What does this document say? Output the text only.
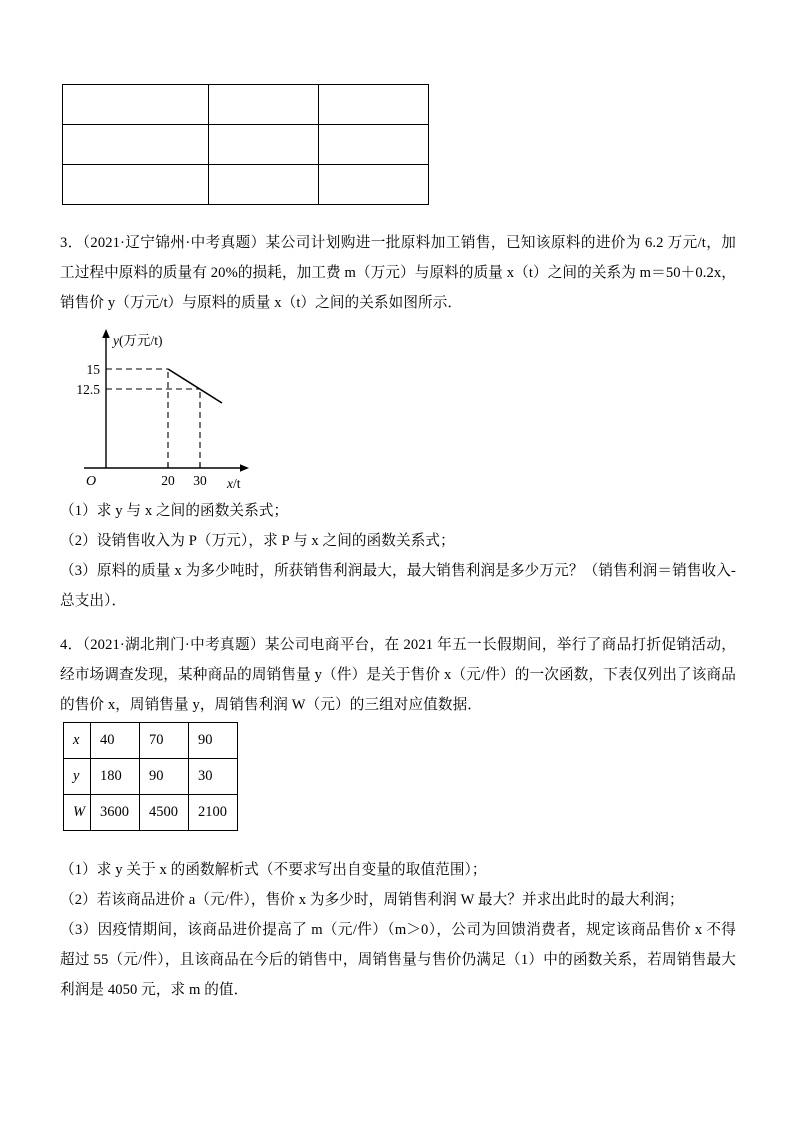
3．（2021·辽宁锦州·中考真题）某公司计划购进一批原料加工销售，已知该原料的进价为 6.2 万元/t，加工过程中原料的质量有 20%的损耗，加工费 m（万元）与原料的质量 x（t）之间的关系为 m＝50＋0.2x，销售价 y（万元/t）与原料的质量 x（t）之间的关系如图所示．
y(万元/t)
15
12.5
20 30
O	x/t
（1）求 y 与 x 之间的函数关系式；
（2）设销售收入为 P（万元），求 P 与 x 之间的函数关系式；
（3）原料的质量 x 为多少吨时，所获销售利润最大，最大销售利润是多少万元？（销售利润＝销售收入-总支出）．
4．（2021·湖北荆门·中考真题）某公司电商平台，在 2021 年五一长假期间，举行了商品打折促销活动，经市场调查发现，某种商品的周销售量 y（件）是关于售价 x（元/件）的一次函数，下表仅列出了该商品的售价 x，周销售量 y，周销售利润 W（元）的三组对应值数据．
x	40	70	90
y	180	90	30
W	3600	4500	2100
（1）求 y 关于 x 的函数解析式（不要求写出自变量的取值范围）；
（2）若该商品进价 a（元/件），售价 x 为多少时，周销售利润 W 最大？并求出此时的最大利润；
（3）因疫情期间，该商品进价提高了 m（元/件）（m＞0），公司为回馈消费者，规定该商品售价 x 不得超过 55（元/件），且该商品在今后的销售中，周销售量与售价仍满足（1）中的函数关系，若周销售最大利润是 4050 元，求 m 的值．
